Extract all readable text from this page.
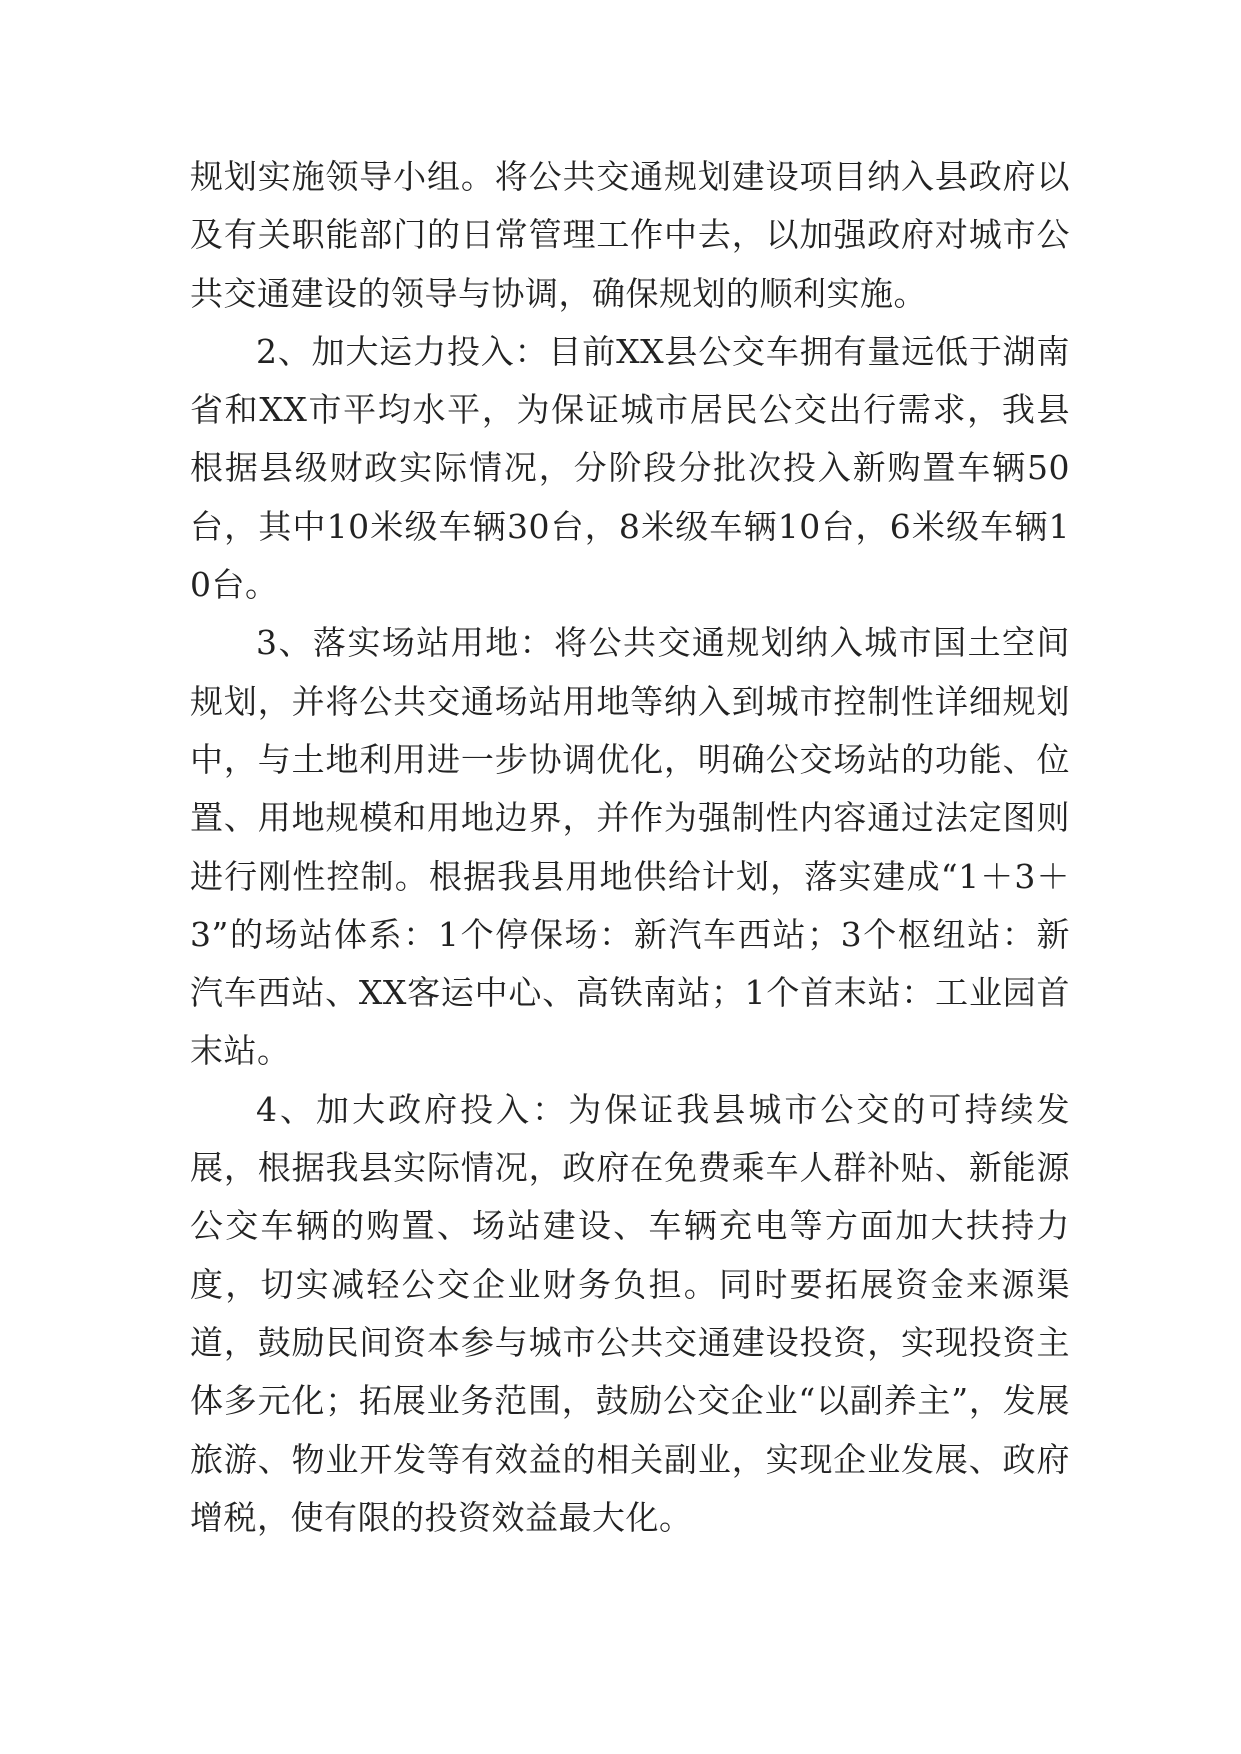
规划实施领导小组。将公共交通规划建设项目纳入县政府以及有关职能部门的日常管理工作中去，以加强政府对城市公共交通建设的领导与协调，确保规划的顺利实施。

2、加大运力投入：目前XX县公交车拥有量远低于湖南省和XX市平均水平，为保证城市居民公交出行需求，我县根据县级财政实际情况，分阶段分批次投入新购置车辆50台，其中10米级车辆30台，8米级车辆10台，6米级车辆10台。

3、落实场站用地：将公共交通规划纳入城市国土空间规划，并将公共交通场站用地等纳入到城市控制性详细规划中，与土地利用进一步协调优化，明确公交场站的功能、位置、用地规模和用地边界，并作为强制性内容通过法定图则进行刚性控制。根据我县用地供给计划，落实建成“1＋3＋3”的场站体系：1个停保场：新汽车西站；3个枢纽站：新汽车西站、XX客运中心、高铁南站；1个首末站：工业园首末站。

4、加大政府投入：为保证我县城市公交的可持续发展，根据我县实际情况，政府在免费乘车人群补贴、新能源公交车辆的购置、场站建设、车辆充电等方面加大扶持力度，切实减轻公交企业财务负担。同时要拓展资金来源渠道，鼓励民间资本参与城市公共交通建设投资，实现投资主体多元化；拓展业务范围，鼓励公交企业“以副养主”，发展旅游、物业开发等有效益的相关副业，实现企业发展、政府增税，使有限的投资效益最大化。
